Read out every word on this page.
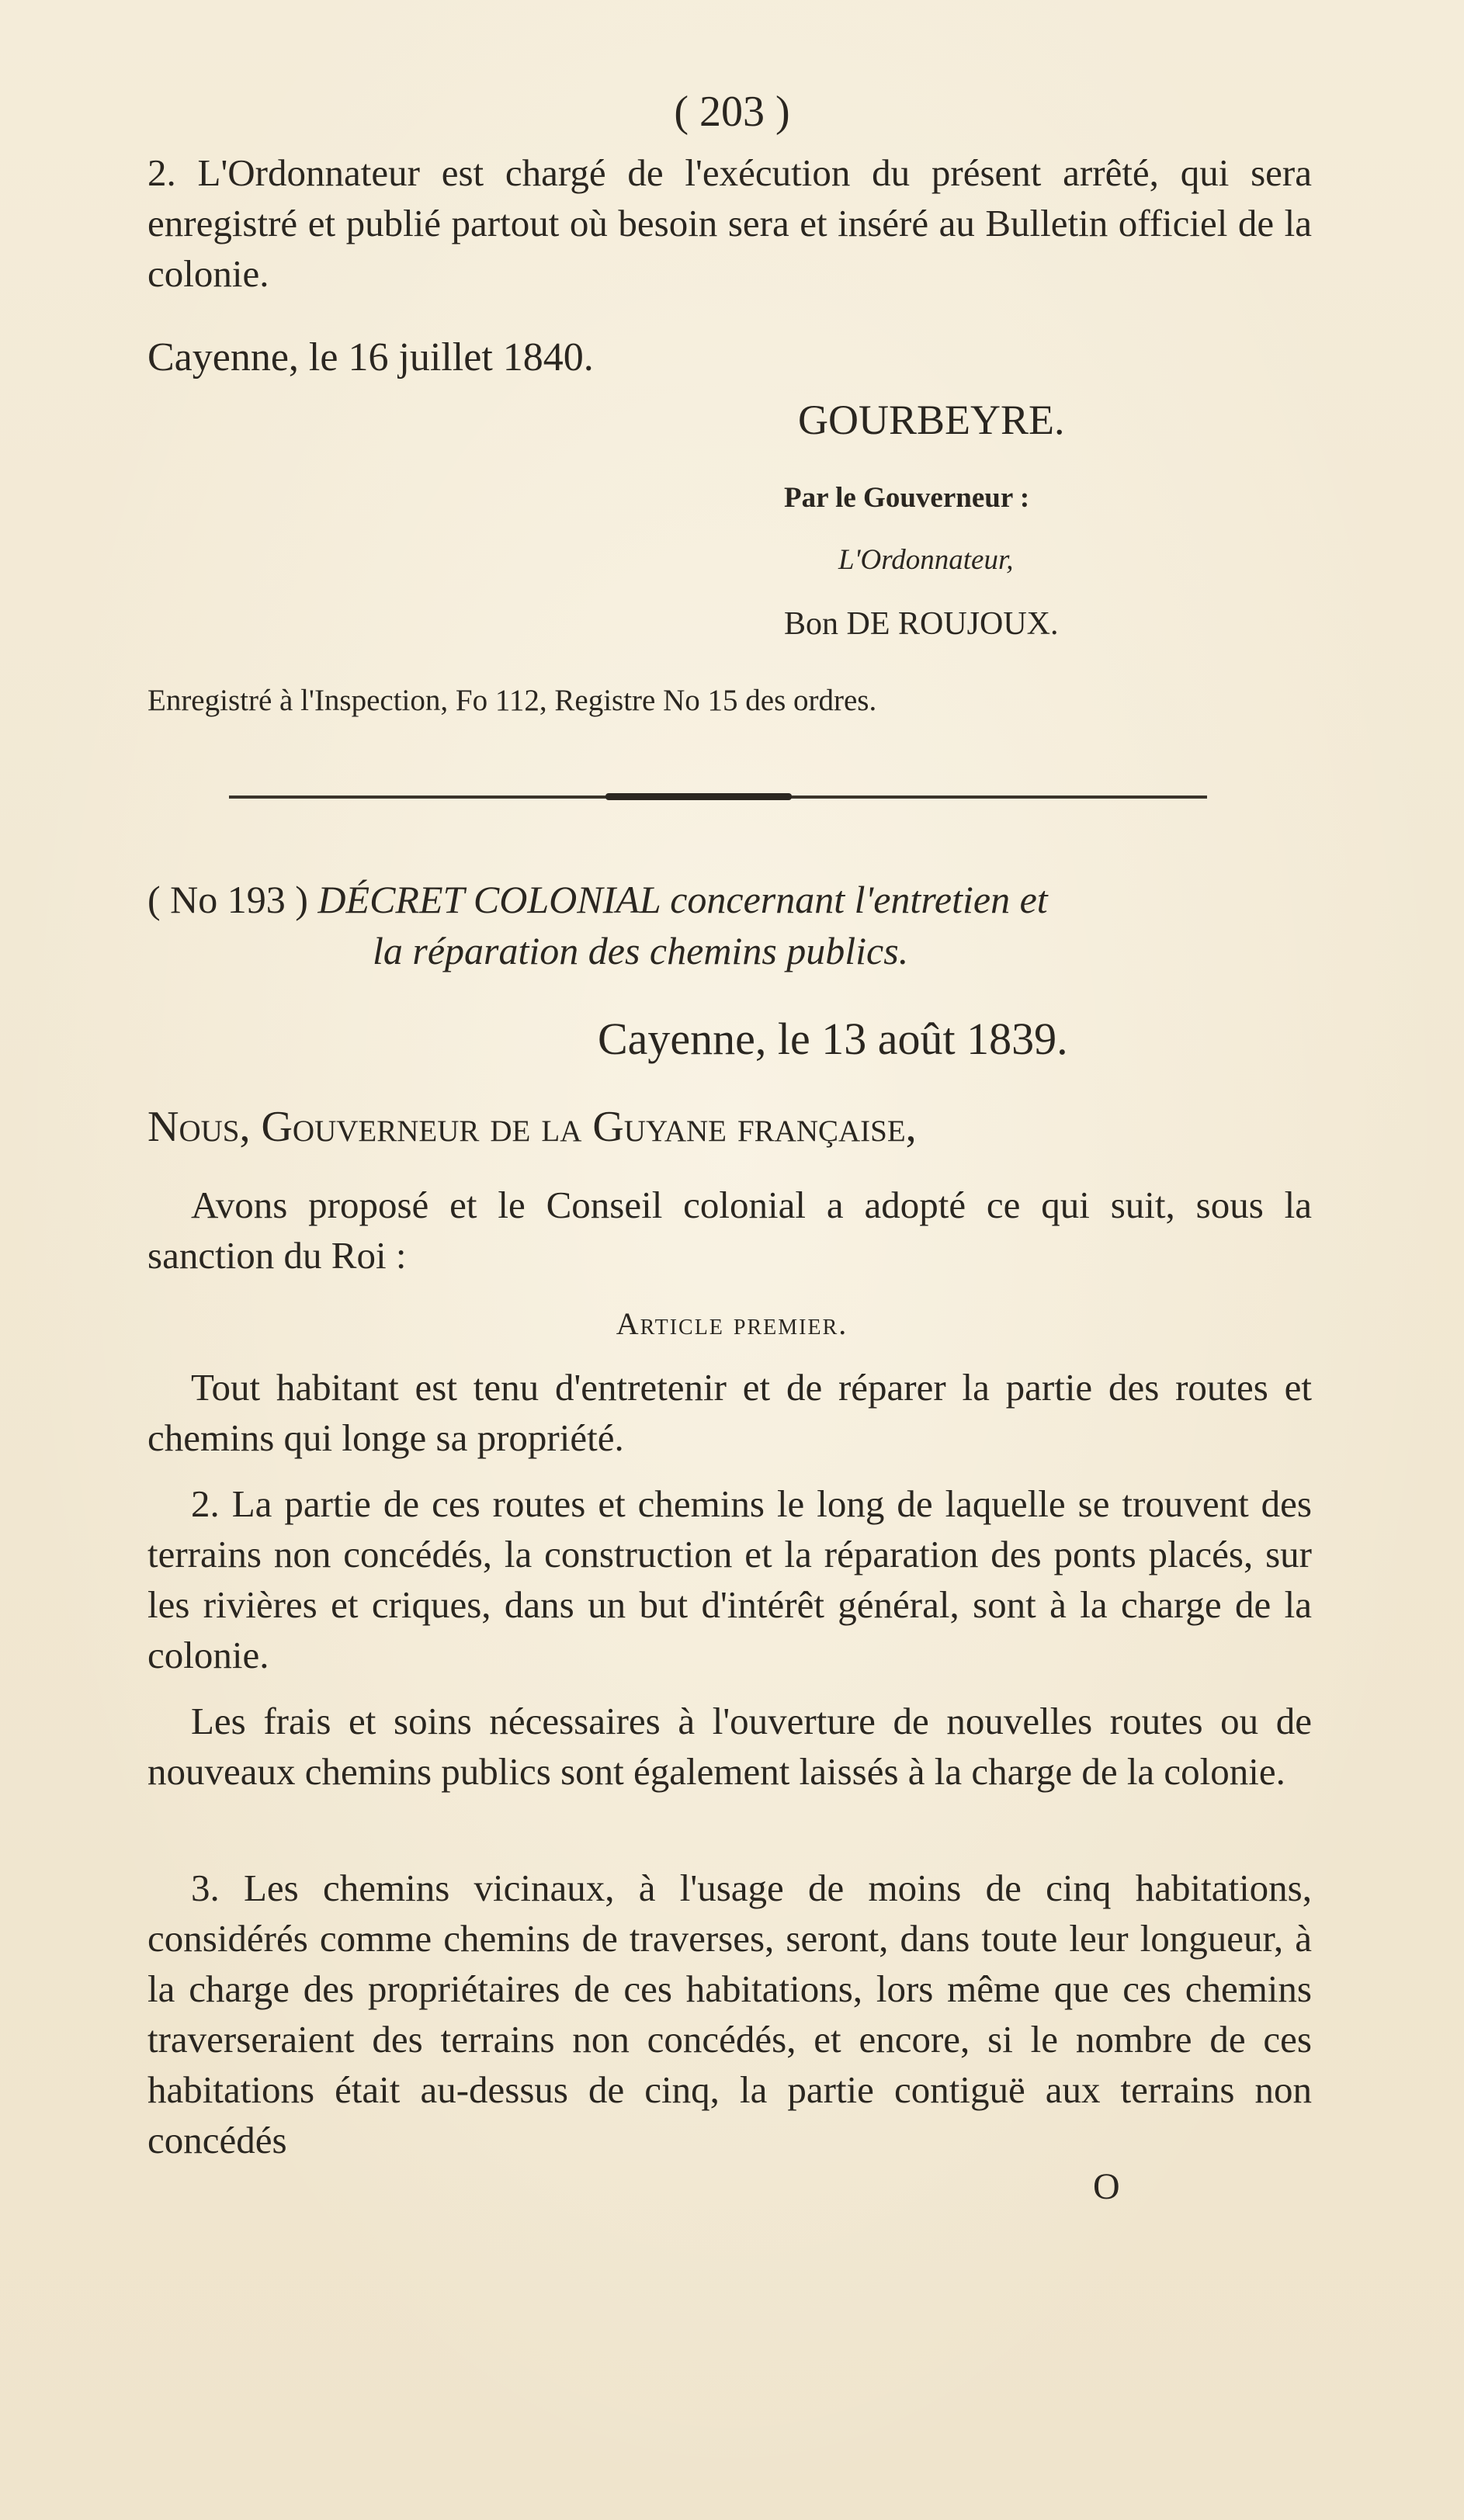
( 203 )

2. L'Ordonnateur est chargé de l'exécution du présent arrêté, qui sera enregistré et publié partout où besoin sera et inséré au Bulletin officiel de la colonie.

Cayenne, le 16 juillet 1840.

GOURBEYRE.
Par le Gouverneur :
L'Ordonnateur,
Bon DE ROUJOUX.
Enregistré à l'Inspection, Fo 112, Registre No 15 des ordres.
( No 193 ) DÉCRET COLONIAL concernant l'entretien et
la réparation des chemins publics.
Cayenne, le 13 août 1839.
Nous, Gouverneur de la Guyane française,

Avons proposé et le Conseil colonial a adopté ce qui suit, sous la sanction du Roi :

Article premier.

Tout habitant est tenu d'entretenir et de réparer la partie des routes et chemins qui longe sa propriété.

2. La partie de ces routes et chemins le long de laquelle se trouvent des terrains non concédés, la construction et la réparation des ponts placés, sur les rivières et criques, dans un but d'intérêt général, sont à la charge de la colonie.

Les frais et soins nécessaires à l'ouverture de nouvelles routes ou de nouveaux chemins publics sont également laissés à la charge de la colonie.

3. Les chemins vicinaux, à l'usage de moins de cinq habitations, considérés comme chemins de traverses, seront, dans toute leur longueur, à la charge des propriétaires de ces habitations, lors même que ces chemins traverseraient des terrains non concédés, et encore, si le nombre de ces habitations était au-dessus de cinq, la partie contiguë aux terrains non concédés

O
